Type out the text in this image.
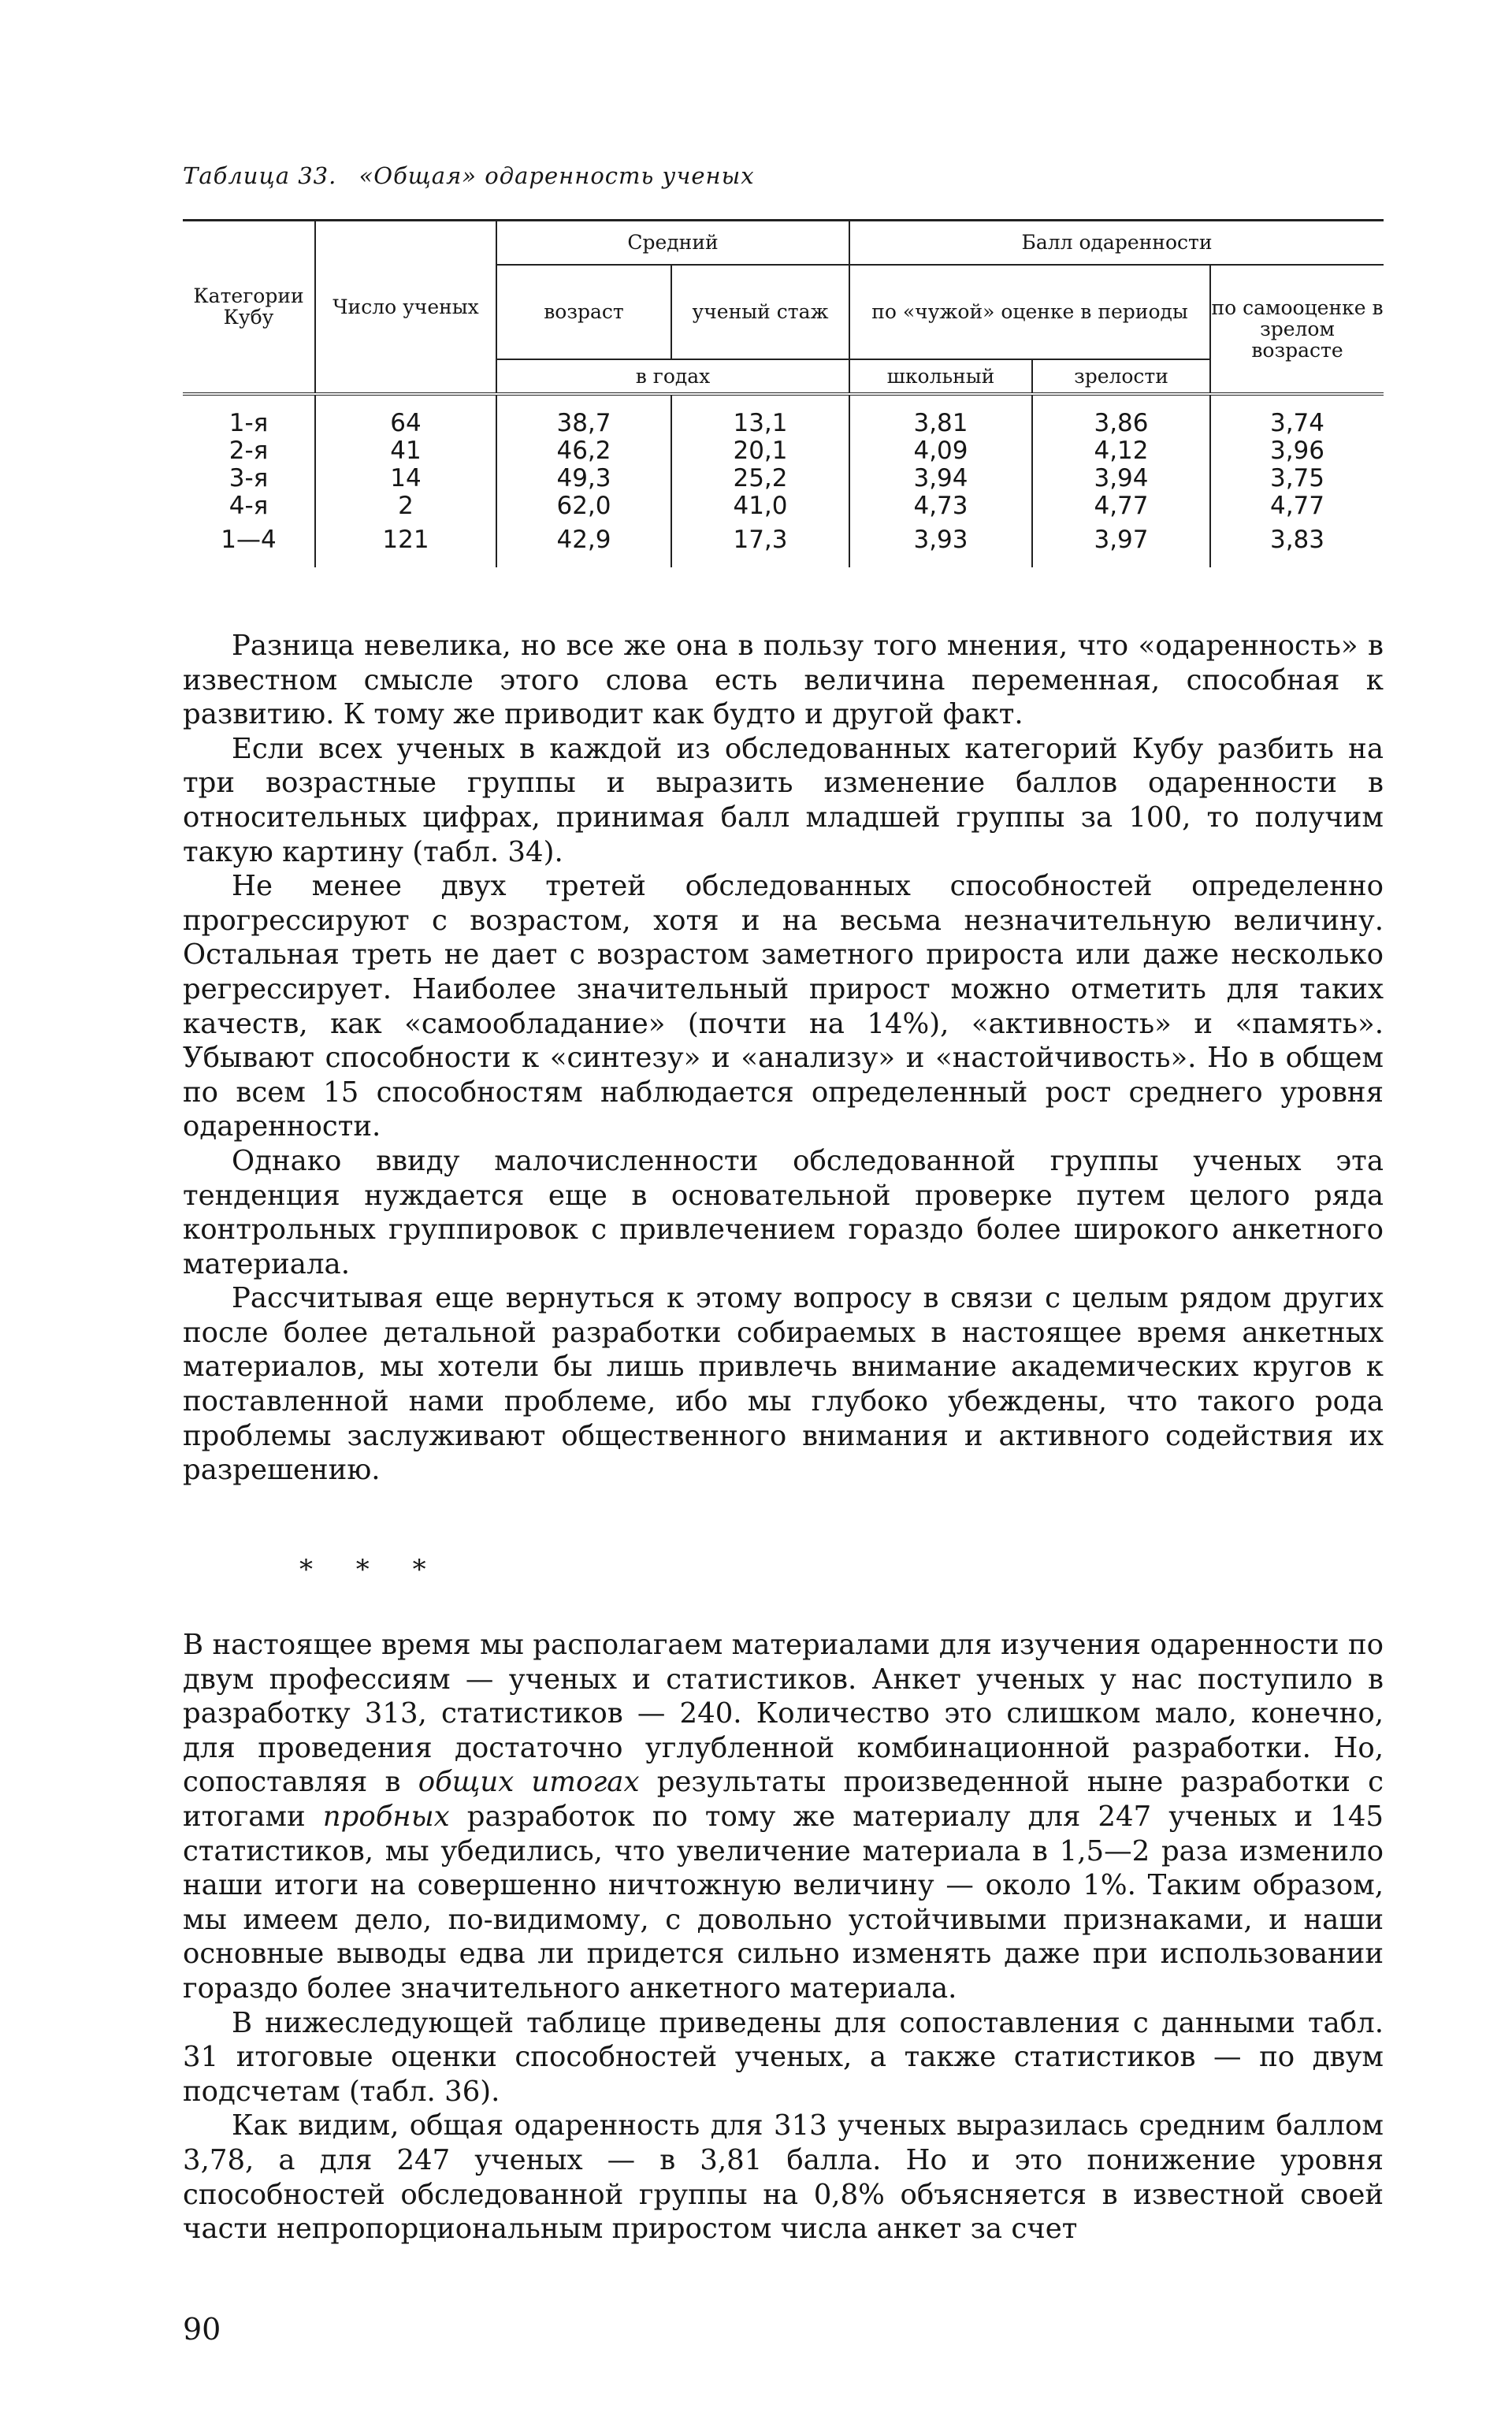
Таблица 33. «Общая» одаренность ученых
Категории Кубу	Число ученых	Средний		Балл одаренности		
		возраст	ученый стаж	по «чужой» оценке в периоды		по самооценке в зрелом возрасте
		в годах		школьный	зрелости	

1-я	64	38,7	13,1	3,81	3,86	3,74
2-я	41	46,2	20,1	4,09	4,12	3,96
3-я	14	49,3	25,2	3,94	3,94	3,75
4-я	2	62,0	41,0	4,73	4,77	4,77
1—4	121	42,9	17,3	3,93	3,97	3,83

Разница невелика, но все же она в пользу того мнения, что «одаренность» в известном смысле этого слова есть величина переменная, способная к развитию. К тому же приводит как будто и другой факт.

Если всех ученых в каждой из обследованных категорий Кубу разбить на три возрастные группы и выразить изменение баллов одаренности в относительных цифрах, принимая балл младшей группы за 100, то получим такую картину (табл. 34).

Не менее двух третей обследованных способностей определенно прогрессируют с возрастом, хотя и на весьма незначительную величину. Остальная треть не дает с возрастом заметного прироста или даже несколько регрессирует. Наиболее значительный прирост можно отметить для таких качеств, как «самообладание» (почти на 14%), «активность» и «память». Убывают способности к «синтезу» и «анализу» и «настойчивость». Но в общем по всем 15 способностям наблюдается определенный рост среднего уровня одаренности.

Однако ввиду малочисленности обследованной группы ученых эта тенденция нуждается еще в основательной проверке путем целого ряда контрольных группировок с привлечением гораздо более широкого анкетного материала.

Рассчитывая еще вернуться к этому вопросу в связи с целым рядом других после более детальной разработки собираемых в настоящее время анкетных материалов, мы хотели бы лишь привлечь внимание академических кругов к поставленной нами проблеме, ибо мы глубоко убеждены, что такого рода проблемы заслуживают общественного внимания и активного содействия их разрешению.

* * *

В настоящее время мы располагаем материалами для изучения одаренности по двум профессиям — ученых и статистиков. Анкет ученых у нас поступило в разработку 313, статистиков — 240. Количество это слишком мало, конечно, для проведения достаточно углубленной комбинационной разработки. Но, сопоставляя в общих итогах результаты произведенной ныне разработки с итогами пробных разработок по тому же материалу для 247 ученых и 145 статистиков, мы убедились, что увеличение материала в 1,5—2 раза изменило наши итоги на совершенно ничтожную величину — около 1%. Таким образом, мы имеем дело, по-видимому, с довольно устойчивыми признаками, и наши основные выводы едва ли придется сильно изменять даже при использовании гораздо более значительного анкетного материала.

В нижеследующей таблице приведены для сопоставления с данными табл. 31 итоговые оценки способностей ученых, а также статистиков — по двум подсчетам (табл. 36).

Как видим, общая одаренность для 313 ученых выразилась средним баллом 3,78, а для 247 ученых — в 3,81 балла. Но и это понижение уровня способностей обследованной группы на 0,8% объясняется в известной своей части непропорциональным приростом числа анкет за счет

90
